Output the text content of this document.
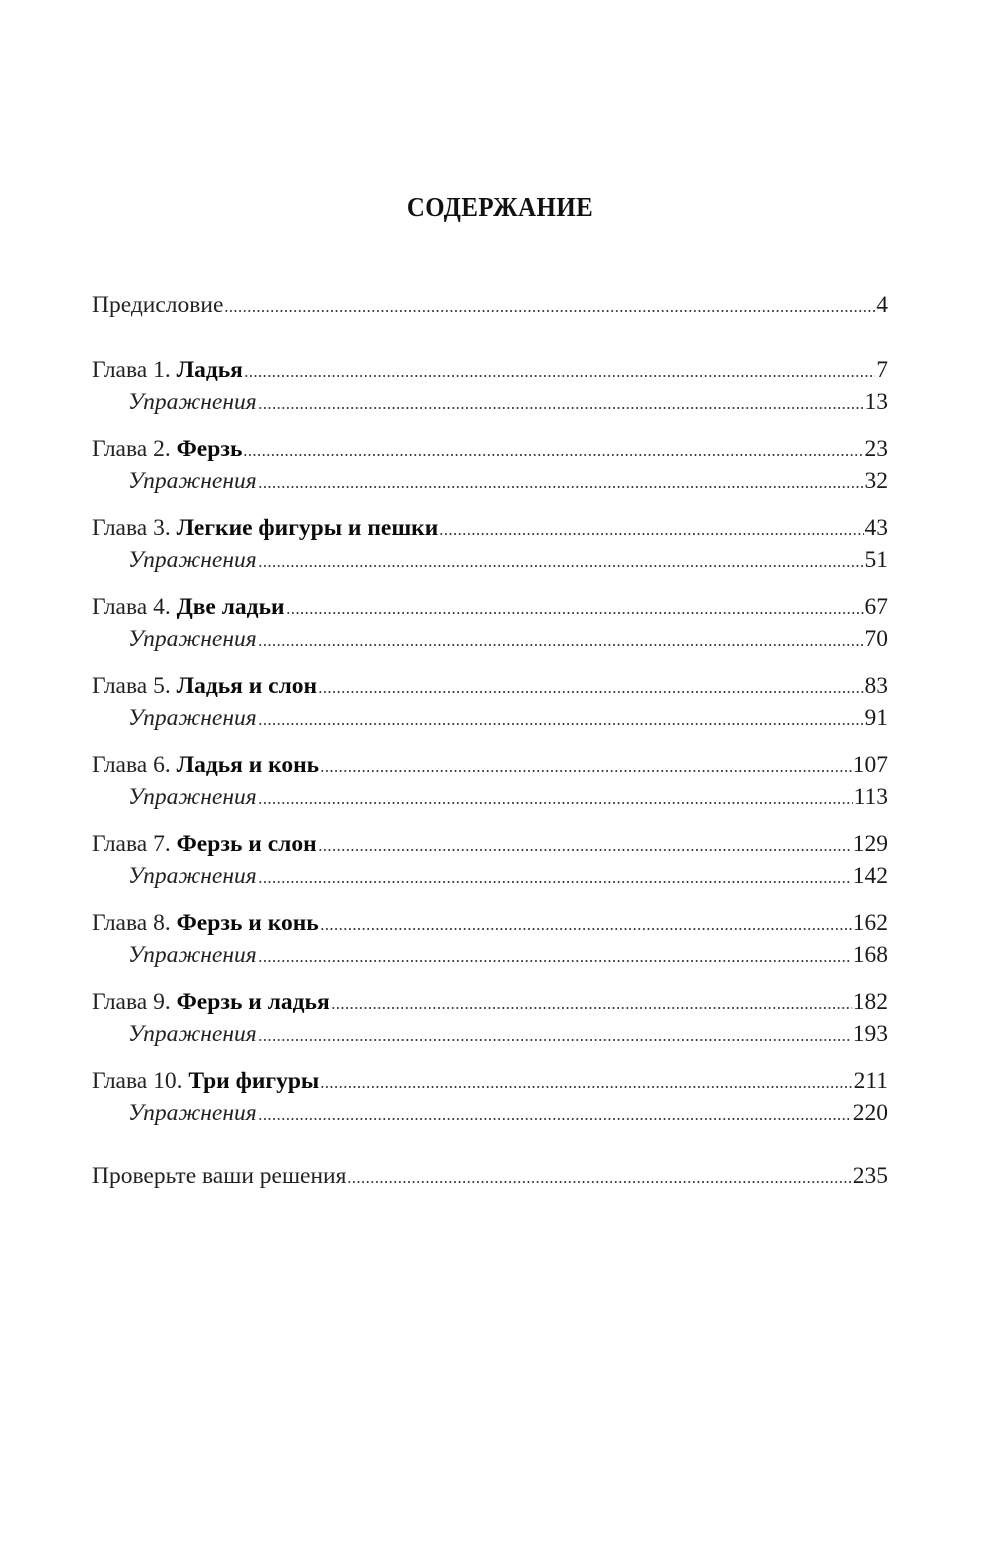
СОДЕРЖАНИЕ
Предисловие	4
Глава 1. Ладья	7
Упражнения	13
Глава 2. Ферзь	23
Упражнения	32
Глава 3. Легкие фигуры и пешки	43
Упражнения	51
Глава 4. Две ладьи	67
Упражнения	70
Глава 5. Ладья и слон	83
Упражнения	91
Глава 6. Ладья и конь	107
Упражнения	113
Глава 7. Ферзь и слон	129
Упражнения	142
Глава 8. Ферзь и конь	162
Упражнения	168
Глава 9. Ферзь и ладья	182
Упражнения	193
Глава 10. Три фигуры	211
Упражнения	220
Проверьте ваши решения	235
